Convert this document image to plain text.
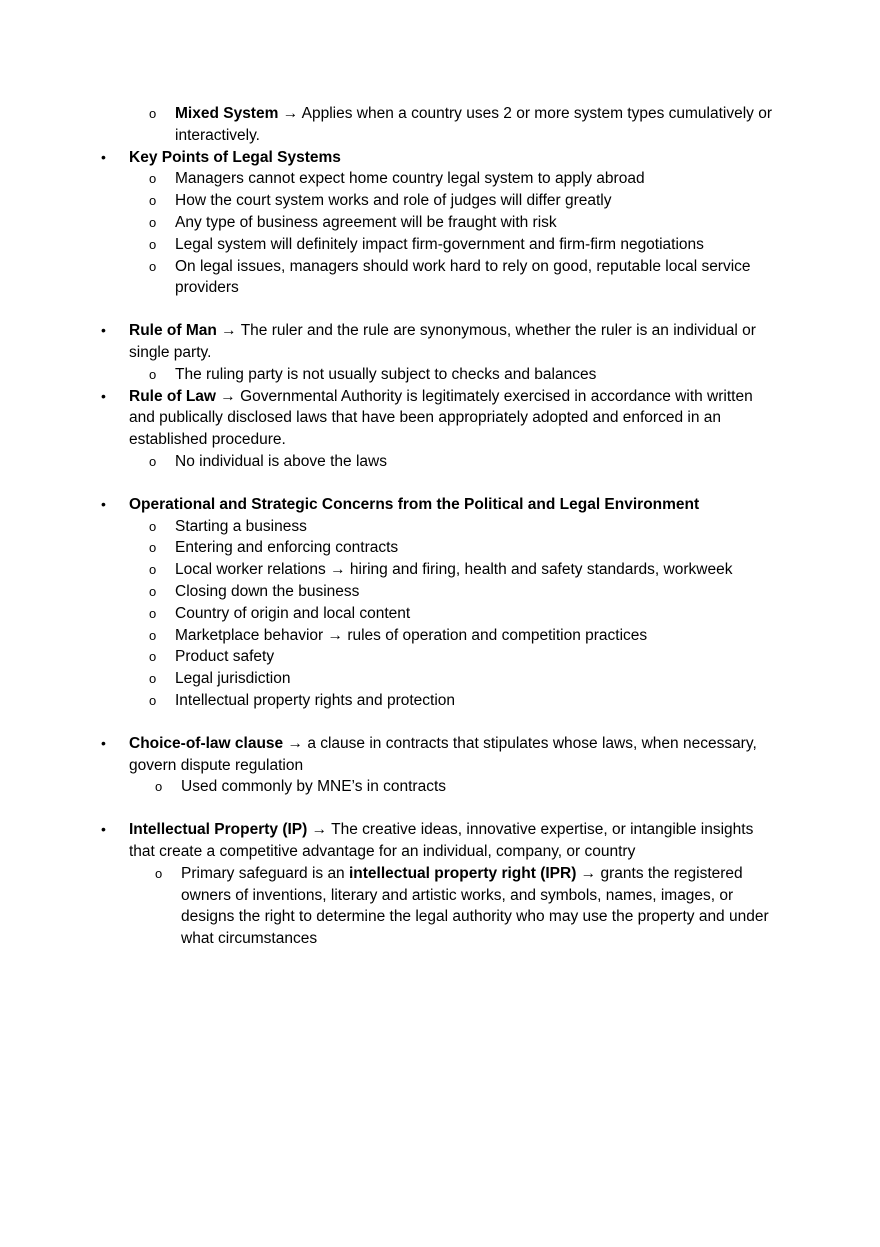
o Mixed System → Applies when a country uses 2 or more system types cumulatively or interactively.
• Key Points of Legal Systems
o Managers cannot expect home country legal system to apply abroad
o How the court system works and role of judges will differ greatly
o Any type of business agreement will be fraught with risk
o Legal system will definitely impact firm-government and firm-firm negotiations
o On legal issues, managers should work hard to rely on good, reputable local service providers
• Rule of Man → The ruler and the rule are synonymous, whether the ruler is an individual or single party.
o The ruling party is not usually subject to checks and balances
• Rule of Law → Governmental Authority is legitimately exercised in accordance with written and publically disclosed laws that have been appropriately adopted and enforced in an established procedure.
o No individual is above the laws
• Operational and Strategic Concerns from the Political and Legal Environment
o Starting a business
o Entering and enforcing contracts
o Local worker relations → hiring and firing, health and safety standards, workweek
o Closing down the business
o Country of origin and local content
o Marketplace behavior → rules of operation and competition practices
o Product safety
o Legal jurisdiction
o Intellectual property rights and protection
• Choice-of-law clause → a clause in contracts that stipulates whose laws, when necessary, govern dispute regulation
o Used commonly by MNE’s in contracts
• Intellectual Property (IP) → The creative ideas, innovative expertise, or intangible insights that create a competitive advantage for an individual, company, or country
o Primary safeguard is an intellectual property right (IPR) → grants the registered owners of inventions, literary and artistic works, and symbols, names, images, or designs the right to determine the legal authority who may use the property and under what circumstances
